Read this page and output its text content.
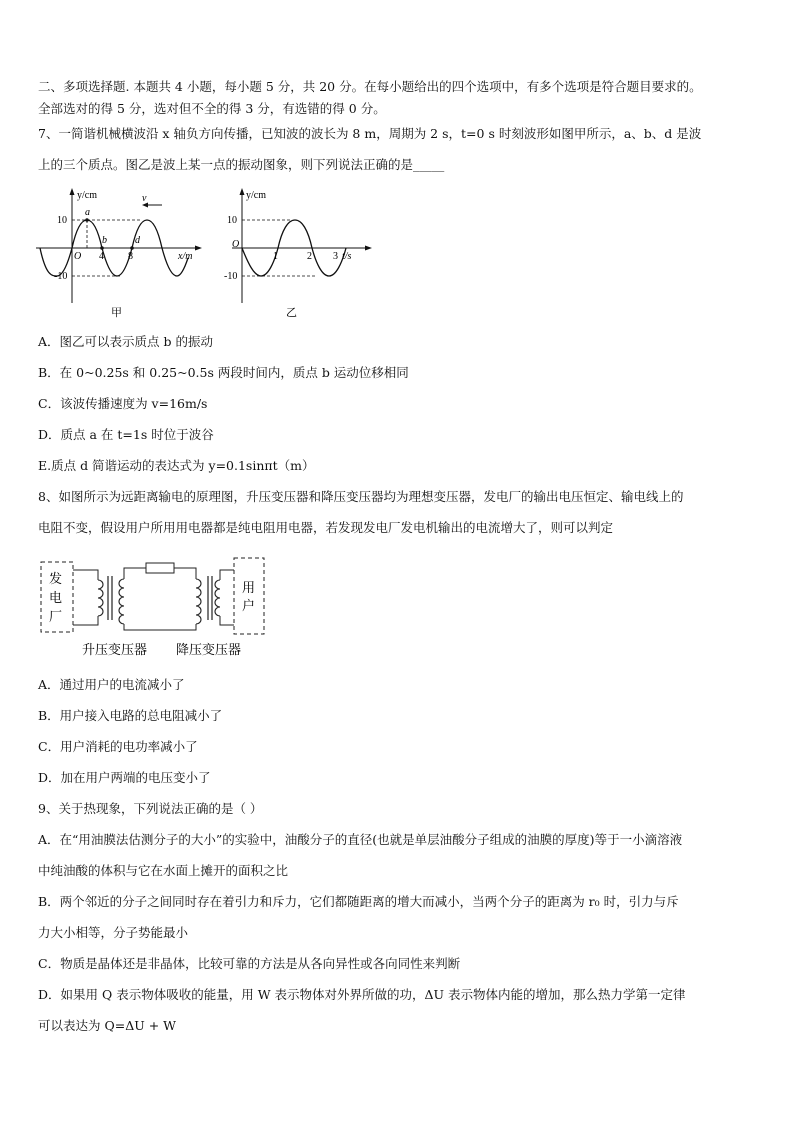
二、多项选择题. 本题共 4 小题，每小题 5 分，共 20 分。在每小题给出的四个选项中，有多个选项是符合题目要求的。
全部选对的得 5 分，选对但不全的得 3 分，有选错的得 0 分。
7、一简谐机械横波沿 x 轴负方向传播，已知波的波长为 8 m，周期为 2 s，t=0 s 时刻波形如图甲所示，a、b、d 是波
上的三个质点。图乙是波上某一点的振动图象，则下列说法正确的是_____
y/cm
x/m
10
-10
O 4 8
a
b	d
v
甲
y/cm
t/s
10
-10
O
1	2 3
乙
A．图乙可以表示质点 b 的振动
B．在 0~0.25s 和 0.25~0.5s 两段时间内，质点 b 运动位移相同
C．该波传播速度为 v=16m/s
D．质点 a 在 t=1s 时位于波谷
E.质点 d 简谐运动的表达式为 y=0.1sinπt（m）
8、如图所示为远距离输电的原理图，升压变压器和降压变压器均为理想变压器，发电厂的输出电压恒定、输电线上的
电阻不变，假设用户所用用电器都是纯电阻用电器，若发现发电厂发电机输出的电流增大了，则可以判定
发
电
厂
用
户
升压变压器 降压变压器
A．通过用户的电流减小了
B．用户接入电路的总电阻减小了
C．用户消耗的电功率减小了
D．加在用户两端的电压变小了
9、关于热现象，下列说法正确的是（ ）
A．在“用油膜法估测分子的大小”的实验中，油酸分子的直径(也就是单层油酸分子组成的油膜的厚度)等于一小滴溶液
中纯油酸的体积与它在水面上摊开的面积之比
B．两个邻近的分子之间同时存在着引力和斥力，它们都随距离的增大而减小，当两个分子的距离为 r₀ 时，引力与斥
力大小相等，分子势能最小
C．物质是晶体还是非晶体，比较可靠的方法是从各向异性或各向同性来判断
D．如果用 Q 表示物体吸收的能量，用 W 表示物体对外界所做的功，ΔU 表示物体内能的增加，那么热力学第一定律
可以表达为 Q=ΔU + W
